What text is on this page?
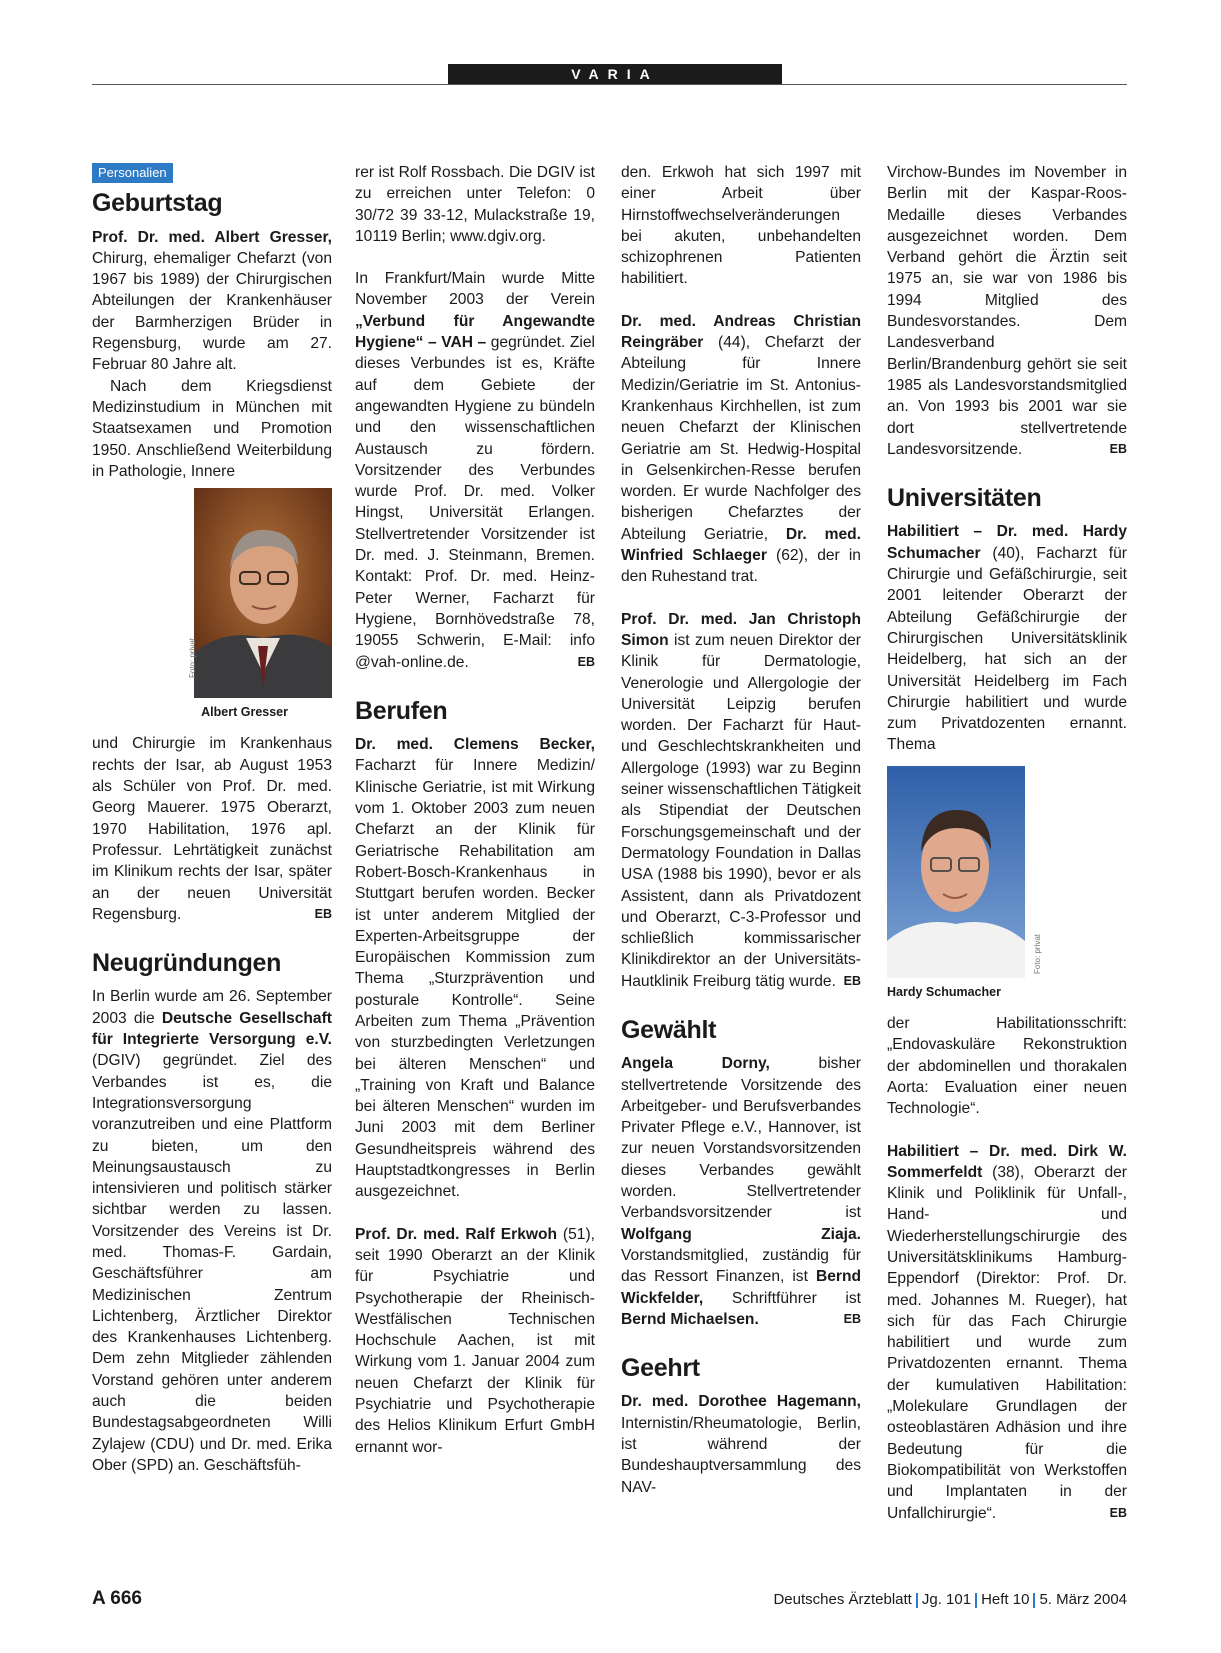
VARIA
Personalien
Geburtstag

Prof. Dr. med. Albert Gresser, Chirurg, ehemaliger Chefarzt (von 1967 bis 1989) der Chirurgischen Abteilungen der Krankenhäuser der Barmherzigen Brüder in Regensburg, wurde am 27. Februar 80 Jahre alt.

Nach dem Kriegsdienst Medizinstudium in München mit Staatsexamen und Promotion 1950. Anschließend Weiterbildung in Pathologie, Innere

Foto: privat
Albert Gresser

und Chirurgie im Krankenhaus rechts der Isar, ab August 1953 als Schüler von Prof. Dr. med. Georg Mauerer. 1975 Oberarzt, 1970 Habilitation, 1976 apl. Professur. Lehrtätigkeit zunächst im Klinikum rechts der Isar, später an der neuen Universität Regensburg.	EB

Neugründungen

In Berlin wurde am 26. September 2003 die Deutsche Gesellschaft für Integrierte Versorgung e.V. (DGIV) gegründet. Ziel des Verbandes ist es, die Integrationsversorgung voranzutreiben und eine Plattform zu bieten, um den Meinungsaustausch zu intensivieren und politisch stärker sichtbar werden zu lassen. Vorsitzender des Vereins ist Dr. med. Thomas-F. Gardain, Geschäftsführer am Medizinischen Zentrum Lichtenberg, Ärztlicher Direktor des Krankenhauses Lichtenberg. Dem zehn Mitglieder zählenden Vorstand gehören unter anderem auch die beiden Bundestagsabgeordneten Willi Zylajew (CDU) und Dr. med. Erika Ober (SPD) an. Geschäftsfüh-

rer ist Rolf Rossbach. Die DGIV ist zu erreichen unter Telefon: 0 30/72 39 33-12, Mulackstraße 19, 10119 Berlin; www.dgiv.org.

In Frankfurt/Main wurde Mitte November 2003 der Verein „Verbund für Angewandte Hygiene“ – VAH – gegründet. Ziel dieses Verbundes ist es, Kräfte auf dem Gebiete der angewandten Hygiene zu bündeln und den wissenschaftlichen Austausch zu fördern. Vorsitzender des Verbundes wurde Prof. Dr. med. Volker Hingst, Universität Erlangen. Stellvertretender Vorsitzender ist Dr. med. J. Steinmann, Bremen. Kontakt: Prof. Dr. med. Heinz-Peter Werner, Facharzt für Hygiene, Bornhövedstraße 78, 19055 Schwerin, E-Mail: info @vah-online.de.	EB

Berufen

Dr. med. Clemens Becker, Facharzt für Innere Medizin/ Klinische Geriatrie, ist mit Wirkung vom 1. Oktober 2003 zum neuen Chefarzt an der Klinik für Geriatrische Rehabilitation am Robert-Bosch-Krankenhaus in Stuttgart berufen worden. Becker ist unter anderem Mitglied der Experten-Arbeitsgruppe der Europäischen Kommission zum Thema „Sturzprävention und posturale Kontrolle“. Seine Arbeiten zum Thema „Prävention von sturzbedingten Verletzungen bei älteren Menschen“ und „Training von Kraft und Balance bei älteren Menschen“ wurden im Juni 2003 mit dem Berliner Gesundheitspreis während des Hauptstadtkongresses in Berlin ausgezeichnet.

Prof. Dr. med. Ralf Erkwoh (51), seit 1990 Oberarzt an der Klinik für Psychiatrie und Psychotherapie der Rheinisch-Westfälischen Technischen Hochschule Aachen, ist mit Wirkung vom 1. Januar 2004 zum neuen Chefarzt der Klinik für Psychiatrie und Psychotherapie des Helios Klinikum Erfurt GmbH ernannt wor-

den. Erkwoh hat sich 1997 mit einer Arbeit über Hirnstoffwechselveränderungen bei akuten, unbehandelten schizophrenen Patienten habilitiert.

Dr. med. Andreas Christian Reingräber (44), Chefarzt der Abteilung für Innere Medizin/Geriatrie im St. Antonius-Krankenhaus Kirchhellen, ist zum neuen Chefarzt der Klinischen Geriatrie am St. Hedwig-Hospital in Gelsenkirchen-Resse berufen worden. Er wurde Nachfolger des bisherigen Chefarztes der Abteilung Geriatrie, Dr. med. Winfried Schlaeger (62), der in den Ruhestand trat.

Prof. Dr. med. Jan Christoph Simon ist zum neuen Direktor der Klinik für Dermatologie, Venerologie und Allergologie der Universität Leipzig berufen worden. Der Facharzt für Haut- und Geschlechtskrankheiten und Allergologe (1993) war zu Beginn seiner wissenschaftlichen Tätigkeit als Stipendiat der Deutschen Forschungsgemeinschaft und der Dermatology Foundation in Dallas USA (1988 bis 1990), bevor er als Assistent, dann als Privatdozent und Oberarzt, C-3-Professor und schließlich kommissarischer Klinikdirektor an der Universitäts-Hautklinik Freiburg tätig wurde. EB

Gewählt

Angela Dorny, bisher stellvertretende Vorsitzende des Arbeitgeber- und Berufsverbandes Privater Pflege e.V., Hannover, ist zur neuen Vorstandsvorsitzenden dieses Verbandes gewählt worden. Stellvertretender Verbandsvorsitzender ist Wolfgang Ziaja. Vorstandsmitglied, zuständig für das Ressort Finanzen, ist Bernd Wickfelder, Schriftführer ist Bernd Michaelsen.	EB

Geehrt

Dr. med. Dorothee Hagemann, Internistin/Rheumatologie, Berlin, ist während der Bundeshauptversammlung des NAV-

Virchow-Bundes im November in Berlin mit der Kaspar-Roos-Medaille dieses Verbandes ausgezeichnet worden. Dem Verband gehört die Ärztin seit 1975 an, sie war von 1986 bis 1994 Mitglied des Bundesvorstandes. Dem Landesverband Berlin/Brandenburg gehört sie seit 1985 als Landesvorstandsmitglied an. Von 1993 bis 2001 war sie dort stellvertretende Landesvorsitzende.	EB

Universitäten

Habilitiert – Dr. med. Hardy Schumacher (40), Facharzt für Chirurgie und Gefäßchirurgie, seit 2001 leitender Oberarzt der Abteilung Gefäßchirurgie der Chirurgischen Universitätsklinik Heidelberg, hat sich an der Universität Heidelberg im Fach Chirurgie habilitiert und wurde zum Privatdozenten ernannt. Thema

Foto: privat
Hardy Schumacher

der Habilitationsschrift: „Endovaskuläre Rekonstruktion der abdominellen und thorakalen Aorta: Evaluation einer neuen Technologie“.

Habilitiert – Dr. med. Dirk W. Sommerfeldt (38), Oberarzt der Klinik und Poliklinik für Unfall-, Hand- und Wiederherstellungschirurgie des Universitätsklinikums Hamburg-Eppendorf (Direktor: Prof. Dr. med. Johannes M. Rueger), hat sich für das Fach Chirurgie habilitiert und wurde zum Privatdozenten ernannt. Thema der kumulativen Habilitation: „Molekulare Grundlagen der osteoblastären Adhäsion und ihre Bedeutung für die Biokompatibilität von Werkstoffen und Implantaten in der Unfallchirurgie“.	EB

A 666	Deutsches Ärzteblatt Jg. 101 Heft 10 5. März 2004
